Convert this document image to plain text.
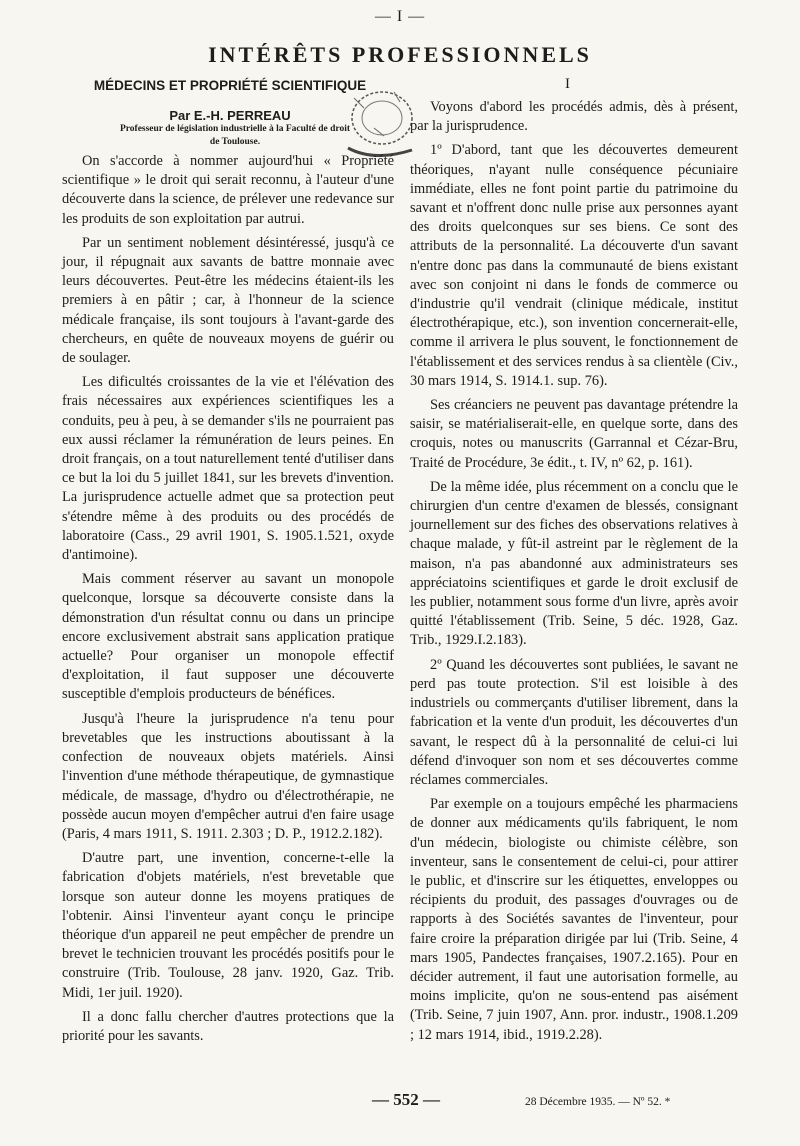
— I —
INTÉRÊTS PROFESSIONNELS
MÉDECINS ET PROPRIÉTÉ SCIENTIFIQUE
Par E.-H. PERREAU
Professeur de législation industrielle à la Faculté de droit
de Toulouse.
I

On s'accorde à nommer aujourd'hui « Propriété scientifique » le droit qui serait reconnu, à l'auteur d'une découverte dans la science, de prélever une redevance sur les produits de son exploitation par autrui.

Par un sentiment noblement désintéressé, jusqu'à ce jour, il répugnait aux savants de battre monnaie avec leurs découvertes. Peut-être les médecins étaient-ils les premiers à en pâtir ; car, à l'honneur de la science médicale française, ils sont toujours à l'avant-garde des chercheurs, en quête de nouveaux moyens de guérir ou de soulager.

Les dificultés croissantes de la vie et l'élévation des frais nécessaires aux expériences scientifiques les a conduits, peu à peu, à se demander s'ils ne pourraient pas eux aussi réclamer la rémunération de leurs peines. En droit français, on a tout naturellement tenté d'utiliser dans ce but la loi du 5 juillet 1841, sur les brevets d'invention. La jurisprudence actuelle admet que sa protection peut s'étendre même à des produits ou des procédés de laboratoire (Cass., 29 avril 1901, S. 1905.1.521, oxyde d'antimoine).

Mais comment réserver au savant un monopole quelconque, lorsque sa découverte consiste dans la démonstration d'un résultat connu ou dans un principe encore exclusivement abstrait sans application pratique actuelle? Pour organiser un monopole effectif d'exploitation, il faut supposer une découverte susceptible d'emplois producteurs de bénéfices.

Jusqu'à l'heure la jurisprudence n'a tenu pour brevetables que les instructions aboutissant à la confection de nouveaux objets matériels. Ainsi l'invention d'une méthode thérapeutique, de gymnastique médicale, de massage, d'hydro ou d'électrothérapie, ne possède aucun moyen d'empêcher autrui d'en faire usage (Paris, 4 mars 1911, S. 1911. 2.303 ; D. P., 1912.2.182).

D'autre part, une invention, concerne-t-elle la fabrication d'objets matériels, n'est brevetable que lorsque son auteur donne les moyens pratiques de l'obtenir. Ainsi l'inventeur ayant conçu le principe théorique d'un appareil ne peut empêcher de prendre un brevet le technicien trouvant les procédés positifs pour le construire (Trib. Toulouse, 28 janv. 1920, Gaz. Trib. Midi, 1er juil. 1920).

Il a donc fallu chercher d'autres protections que la priorité pour les savants.

Voyons d'abord les procédés admis, dès à présent, par la jurisprudence.

1º D'abord, tant que les découvertes demeurent théoriques, n'ayant nulle conséquence pécuniaire immédiate, elles ne font point partie du patrimoine du savant et n'offrent donc nulle prise aux personnes ayant des droits quelconques sur ses biens. Ce sont des attributs de la personnalité. La découverte d'un savant n'entre donc pas dans la communauté de biens existant avec son conjoint ni dans le fonds de commerce ou d'industrie qu'il vendrait (clinique médicale, institut électrothérapique, etc.), son invention concernerait-elle, comme il arrivera le plus souvent, le fonctionnement de l'établissement et des services rendus à sa clientèle (Civ., 30 mars 1914, S. 1914.1. sup. 76).

Ses créanciers ne peuvent pas davantage prétendre la saisir, se matérialiserait-elle, en quelque sorte, dans des croquis, notes ou manuscrits (Garrannal et Cézar-Bru, Traité de Procédure, 3e édit., t. IV, nº 62, p. 161).

De la même idée, plus récemment on a conclu que le chirurgien d'un centre d'examen de blessés, consignant journellement sur des fiches des observations relatives à chaque malade, y fût-il astreint par le règlement de la maison, n'a pas abandonné aux administrateurs ses appréciatoins scientifiques et garde le droit exclusif de les publier, notamment sous forme d'un livre, après avoir quitté l'établissement (Trib. Seine, 5 déc. 1928, Gaz. Trib., 1929.I.2.183).

2º Quand les découvertes sont publiées, le savant ne perd pas toute protection. S'il est loisible à des industriels ou commerçants d'utiliser librement, dans la fabrication et la vente d'un produit, les découvertes d'un savant, le respect dû à la personnalité de celui-ci lui défend d'invoquer son nom et ses découvertes comme réclames commerciales.

Par exemple on a toujours empêché les pharmaciens de donner aux médicaments qu'ils fabriquent, le nom d'un médecin, biologiste ou chimiste célèbre, son inventeur, sans le consentement de celui-ci, pour attirer le public, et d'inscrire sur les étiquettes, enveloppes ou récipients du produit, des passages d'ouvrages ou de rapports à des Sociétés savantes de l'inventeur, pour faire croire la préparation dirigée par lui (Trib. Seine, 4 mars 1905, Pandectes françaises, 1907.2.165). Pour en décider autrement, il faut une autorisation formelle, au moins implicite, qu'on ne sous-entend pas aisément (Trib. Seine, 7 juin 1907, Ann. pror. industr., 1908.1.209 ; 12 mars 1914, ibid., 1919.2.28).

— 552 —	28 Décembre 1935. — Nº 52. *
